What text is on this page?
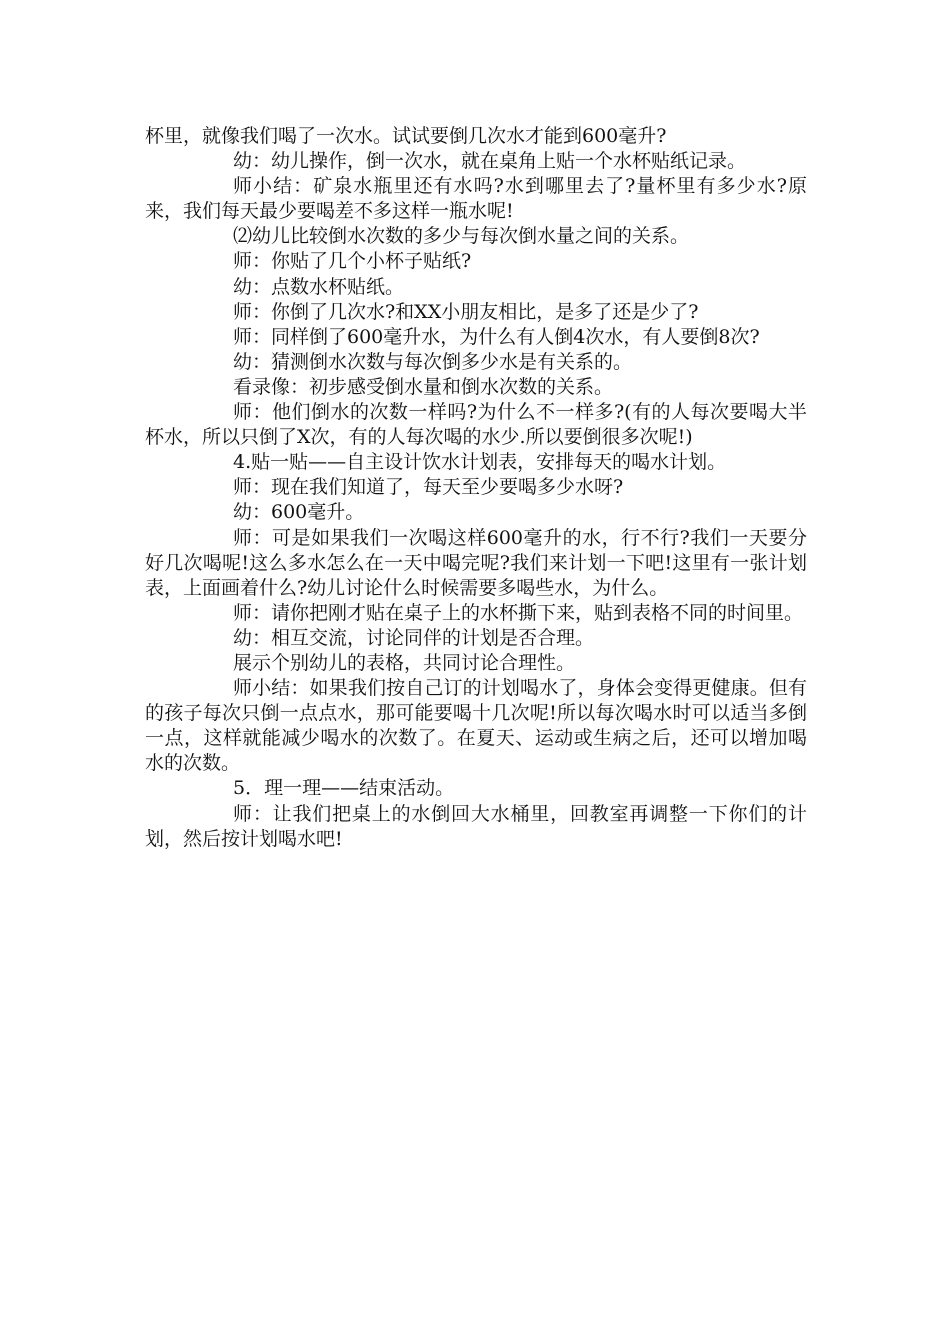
杯里，就像我们喝了一次水。试试要倒几次水才能到600毫升?

幼：幼儿操作，倒一次水，就在桌角上贴一个水杯贴纸记录。

师小结：矿泉水瓶里还有水吗?水到哪里去了?量杯里有多少水?原来，我们每天最少要喝差不多这样一瓶水呢!

⑵幼儿比较倒水次数的多少与每次倒水量之间的关系。

师：你贴了几个小杯子贴纸?

幼：点数水杯贴纸。

师：你倒了几次水?和XX小朋友相比，是多了还是少了?

师：同样倒了600毫升水，为什么有人倒4次水，有人要倒8次?

幼：猜测倒水次数与每次倒多少水是有关系的。

看录像：初步感受倒水量和倒水次数的关系。

师：他们倒水的次数一样吗?为什么不一样多?(有的人每次要喝大半杯水，所以只倒了X次，有的人每次喝的水少.所以要倒很多次呢!)

4.贴一贴——自主设计饮水计划表，安排每天的喝水计划。

师：现在我们知道了，每天至少要喝多少水呀?

幼：600毫升。

师：可是如果我们一次喝这样600毫升的水，行不行?我们一天要分好几次喝呢!这么多水怎么在一天中喝完呢?我们来计划一下吧!这里有一张计划表，上面画着什么?幼儿讨论什么时候需要多喝些水，为什么。

师：请你把刚才贴在桌子上的水杯撕下来，贴到表格不同的时间里。

幼：相互交流，讨论同伴的计划是否合理。

展示个别幼儿的表格，共同讨论合理性。

师小结：如果我们按自己订的计划喝水了，身体会变得更健康。但有的孩子每次只倒一点点水，那可能要喝十几次呢!所以每次喝水时可以适当多倒一点，这样就能减少喝水的次数了。在夏天、运动或生病之后，还可以增加喝水的次数。

5．理一理——结束活动。

师：让我们把桌上的水倒回大水桶里，回教室再调整一下你们的计划，然后按计划喝水吧!
